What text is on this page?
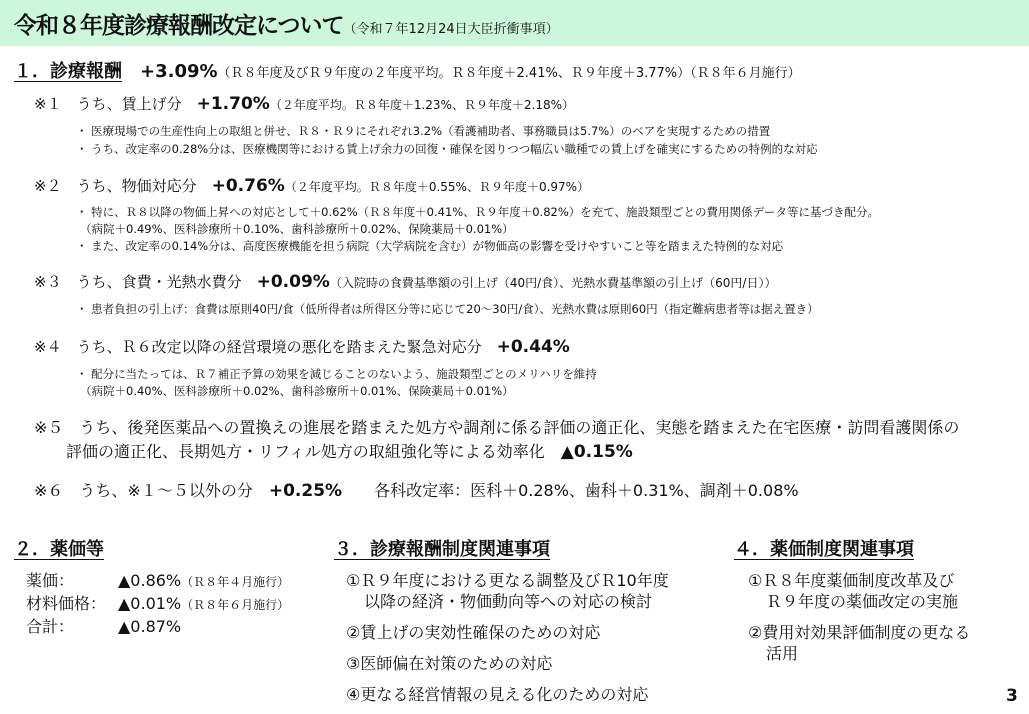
令和８年度診療報酬改定について（令和７年12月24日大臣折衝事項）
１．診療報酬　 +3.09%（Ｒ８年度及びＲ９年度の２年度平均。Ｒ８年度＋2.41%、Ｒ９年度＋3.77%）（Ｒ８年６月施行）
※１　うち、賃上げ分　 +1.70%（２年度平均。Ｒ８年度＋1.23%、Ｒ９年度＋2.18%）
・ 医療現場での生産性向上の取組と併せ、Ｒ８・Ｒ９にそれぞれ3.2%（看護補助者、事務職員は5.7%）のベアを実現するための措置
・ うち、改定率の0.28%分は、医療機関等における賃上げ余力の回復・確保を図りつつ幅広い職種での賃上げを確実にするための特例的な対応
※２　うち、物価対応分　 +0.76%（２年度平均。Ｒ８年度＋0.55%、Ｒ９年度＋0.97%）
・ 特に、Ｒ８以降の物価上昇への対応として＋0.62%（Ｒ８年度＋0.41%、Ｒ９年度＋0.82%）を充て、施設類型ごとの費用関係データ等に基づき配分。
（病院＋0.49%、医科診療所＋0.10%、歯科診療所＋0.02%、保険薬局＋0.01%）
・ また、改定率の0.14%分は、高度医療機能を担う病院（大学病院を含む）が物価高の影響を受けやすいこと等を踏まえた特例的な対応
※３　うち、食費・光熱水費分　 +0.09%（入院時の食費基準額の引上げ（40円/食）、光熱水費基準額の引上げ（60円/日））
・ 患者負担の引上げ：食費は原則40円/食（低所得者は所得区分等に応じて20～30円/食）、光熱水費は原則60円（指定難病患者等は据え置き）
※４　うち、Ｒ６改定以降の経営環境の悪化を踏まえた緊急対応分　 +0.44%
・ 配分に当たっては、Ｒ７補正予算の効果を減じることのないよう、施設類型ごとのメリハリを維持
（病院＋0.40%、医科診療所＋0.02%、歯科診療所＋0.01%、保険薬局＋0.01%）
※５　うち、後発医薬品への置換えの進展を踏まえた処方や調剤に係る評価の適正化、実態を踏まえた在宅医療・訪問看護関係の
評価の適正化、長期処方・リフィル処方の取組強化等による効率化　 ▲0.15%
※６　うち、※１～５以外の分　 +0.25%　　 各科改定率：医科＋0.28%、歯科＋0.31%、調剤＋0.08%
２．薬価等
薬価：	▲0.86%（Ｒ８年４月施行）
材料価格： ▲0.01%（Ｒ８年６月施行）
合計：	▲0.87%
３．診療報酬制度関連事項
①Ｒ９年度における更なる調整及びＲ10年度
以降の経済・物価動向等への対応の検討
②賃上げの実効性確保のための対応
③医師偏在対策のための対応
④更なる経営情報の見える化のための対応
４．薬価制度関連事項
①Ｒ８年度薬価制度改革及び
Ｒ９年度の薬価改定の実施
②費用対効果評価制度の更なる
活用
3
